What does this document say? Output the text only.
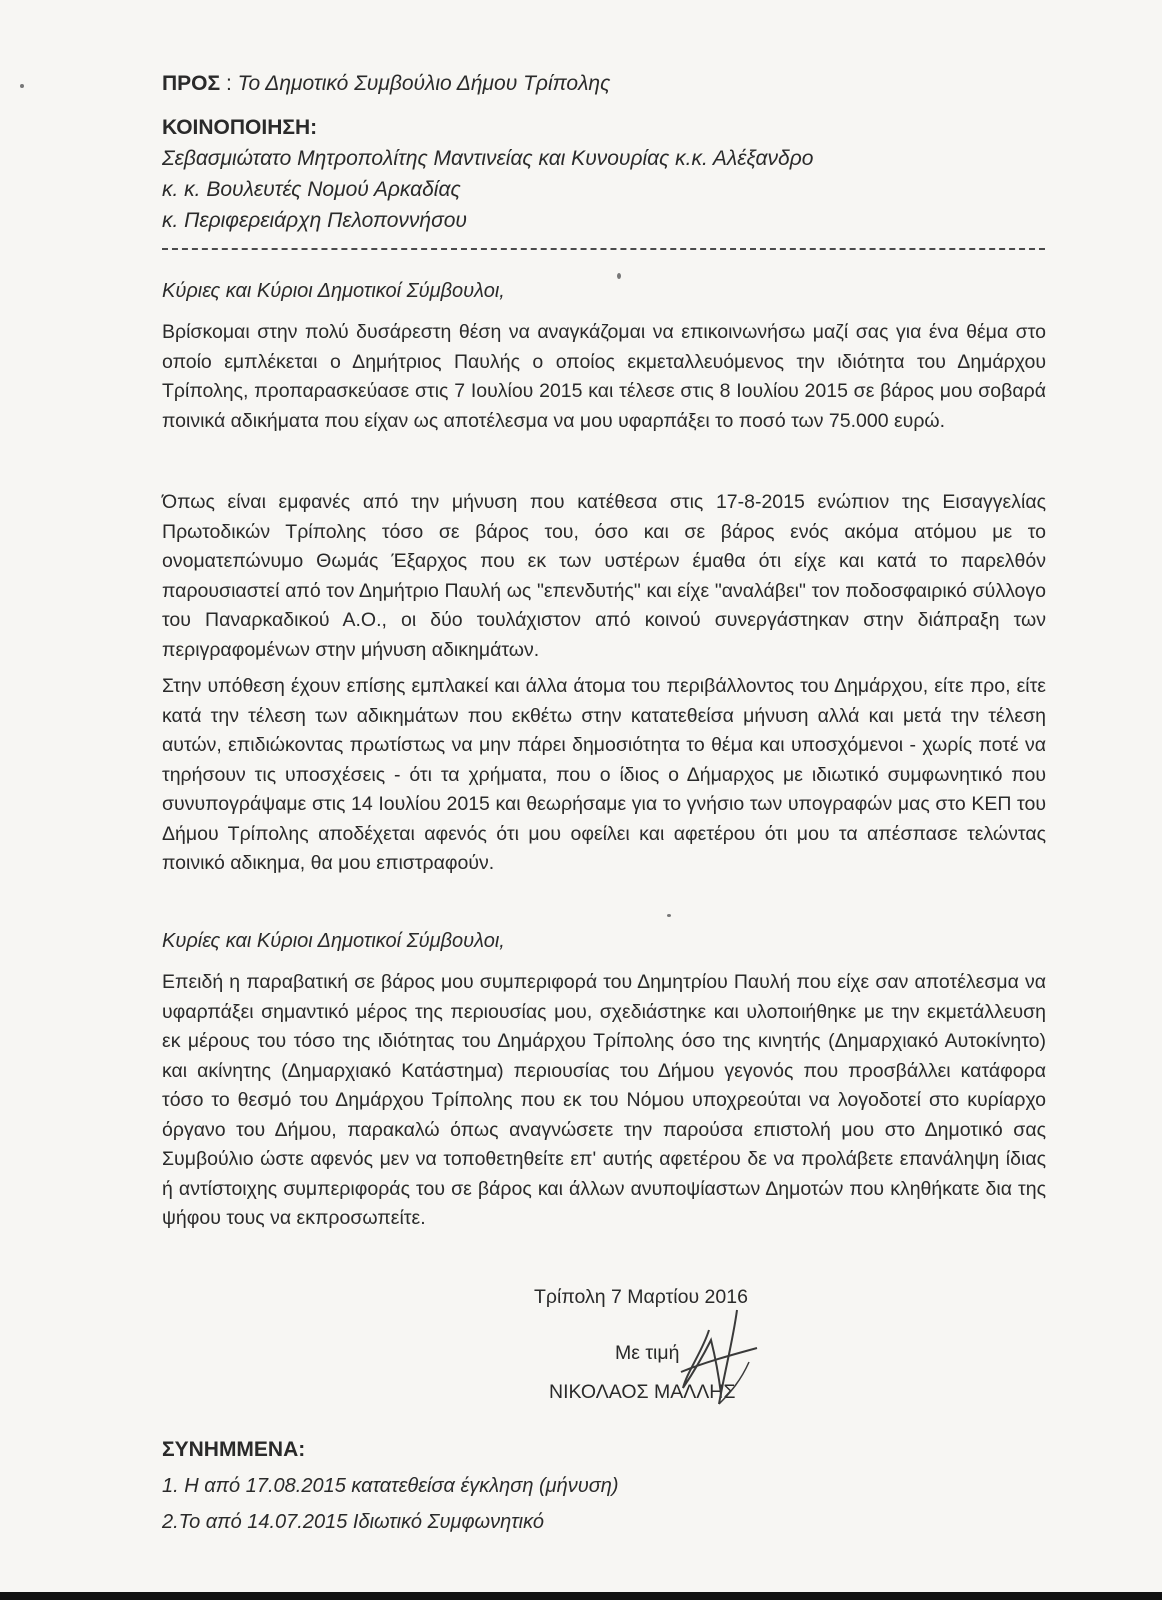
ΠΡΟΣ : Το Δημοτικό Συμβούλιο Δήμου Τρίπολης
ΚΟΙΝΟΠΟΙΗΣΗ:
Σεβασμιώτατο Μητροπολίτης Μαντινείας και Κυνουρίας κ.κ. Αλέξανδρο
κ. κ. Βουλευτές Νομού Αρκαδίας
κ. Περιφερειάρχη Πελοποννήσου
Κύριες και Κύριοι Δημοτικοί Σύμβουλοι,

Βρίσκομαι στην πολύ δυσάρεστη θέση να αναγκάζομαι να επικοινωνήσω μαζί σας για ένα θέμα στο οποίο εμπλέκεται ο Δημήτριος Παυλής ο οποίος εκμεταλλευόμενος την ιδιότητα του Δημάρχου Τρίπολης, προπαρασκεύασε στις 7 Ιουλίου 2015 και τέλεσε στις 8 Ιουλίου 2015 σε βάρος μου σοβαρά ποινικά αδικήματα που είχαν ως αποτέλεσμα να μου υφαρπάξει το ποσό των 75.000 ευρώ.

Όπως είναι εμφανές από την μήνυση που κατέθεσα στις 17-8-2015 ενώπιον της Εισαγγελίας Πρωτοδικών Τρίπολης τόσο σε βάρος του, όσο και σε βάρος ενός ακόμα ατόμου με το ονοματεπώνυμο Θωμάς Έξαρχος που εκ των υστέρων έμαθα ότι είχε και κατά το παρελθόν παρουσιαστεί από τον Δημήτριο Παυλή ως "επενδυτής" και είχε "αναλάβει" τον ποδοσφαιρικό σύλλογο του Παναρκαδικού Α.Ο., οι δύο τουλάχιστον από κοινού συνεργάστηκαν στην διάπραξη των περιγραφομένων στην μήνυση αδικημάτων.

Στην υπόθεση έχουν επίσης εμπλακεί και άλλα άτομα του περιβάλλοντος του Δημάρχου, είτε προ, είτε κατά την τέλεση των αδικημάτων που εκθέτω στην κατατεθείσα μήνυση αλλά και μετά την τέλεση αυτών, επιδιώκοντας πρωτίστως να μην πάρει δημοσιότητα το θέμα και υποσχόμενοι - χωρίς ποτέ να τηρήσουν τις υποσχέσεις - ότι τα χρήματα, που ο ίδιος ο Δήμαρχος με ιδιωτικό συμφωνητικό που συνυπογράψαμε στις 14 Ιουλίου 2015 και θεωρήσαμε για το γνήσιο των υπογραφών μας στο ΚΕΠ του Δήμου Τρίπολης αποδέχεται αφενός ότι μου οφείλει και αφετέρου ότι μου τα απέσπασε τελώντας ποινικό αδικημα, θα μου επιστραφούν.

Κυρίες και Κύριοι Δημοτικοί Σύμβουλοι,

Επειδή η παραβατική σε βάρος μου συμπεριφορά του Δημητρίου Παυλή που είχε σαν αποτέλεσμα να υφαρπάξει σημαντικό μέρος της περιουσίας μου, σχεδιάστηκε και υλοποιήθηκε με την εκμετάλλευση εκ μέρους του τόσο της ιδιότητας του Δημάρχου Τρίπολης όσο της κινητής (Δημαρχιακό Αυτοκίνητο) και ακίνητης (Δημαρχιακό Κατάστημα) περιουσίας του Δήμου γεγονός που προσβάλλει κατάφορα τόσο το θεσμό του Δημάρχου Τρίπολης που εκ του Νόμου υποχρεούται να λογοδοτεί στο κυρίαρχο όργανο του Δήμου, παρακαλώ όπως αναγνώσετε την παρούσα επιστολή μου στο Δημοτικό σας Συμβούλιο ώστε αφενός μεν να τοποθετηθείτε επ' αυτής αφετέρου δε να προλάβετε επανάληψη ίδιας ή αντίστοιχης συμπεριφοράς του σε βάρος και άλλων ανυποψίαστων Δημοτών που κληθήκατε δια της ψήφου τους να εκπροσωπείτε.

Τρίπολη 7 Μαρτίου 2016
Με τιμή
ΝΙΚΟΛΑΟΣ ΜΑΛΛΗΣ
ΣΥΝΗΜΜΕΝΑ:
1. Η από 17.08.2015 κατατεθείσα έγκληση (μήνυση)
2.Το από 14.07.2015 Ιδιωτικό Συμφωνητικό
